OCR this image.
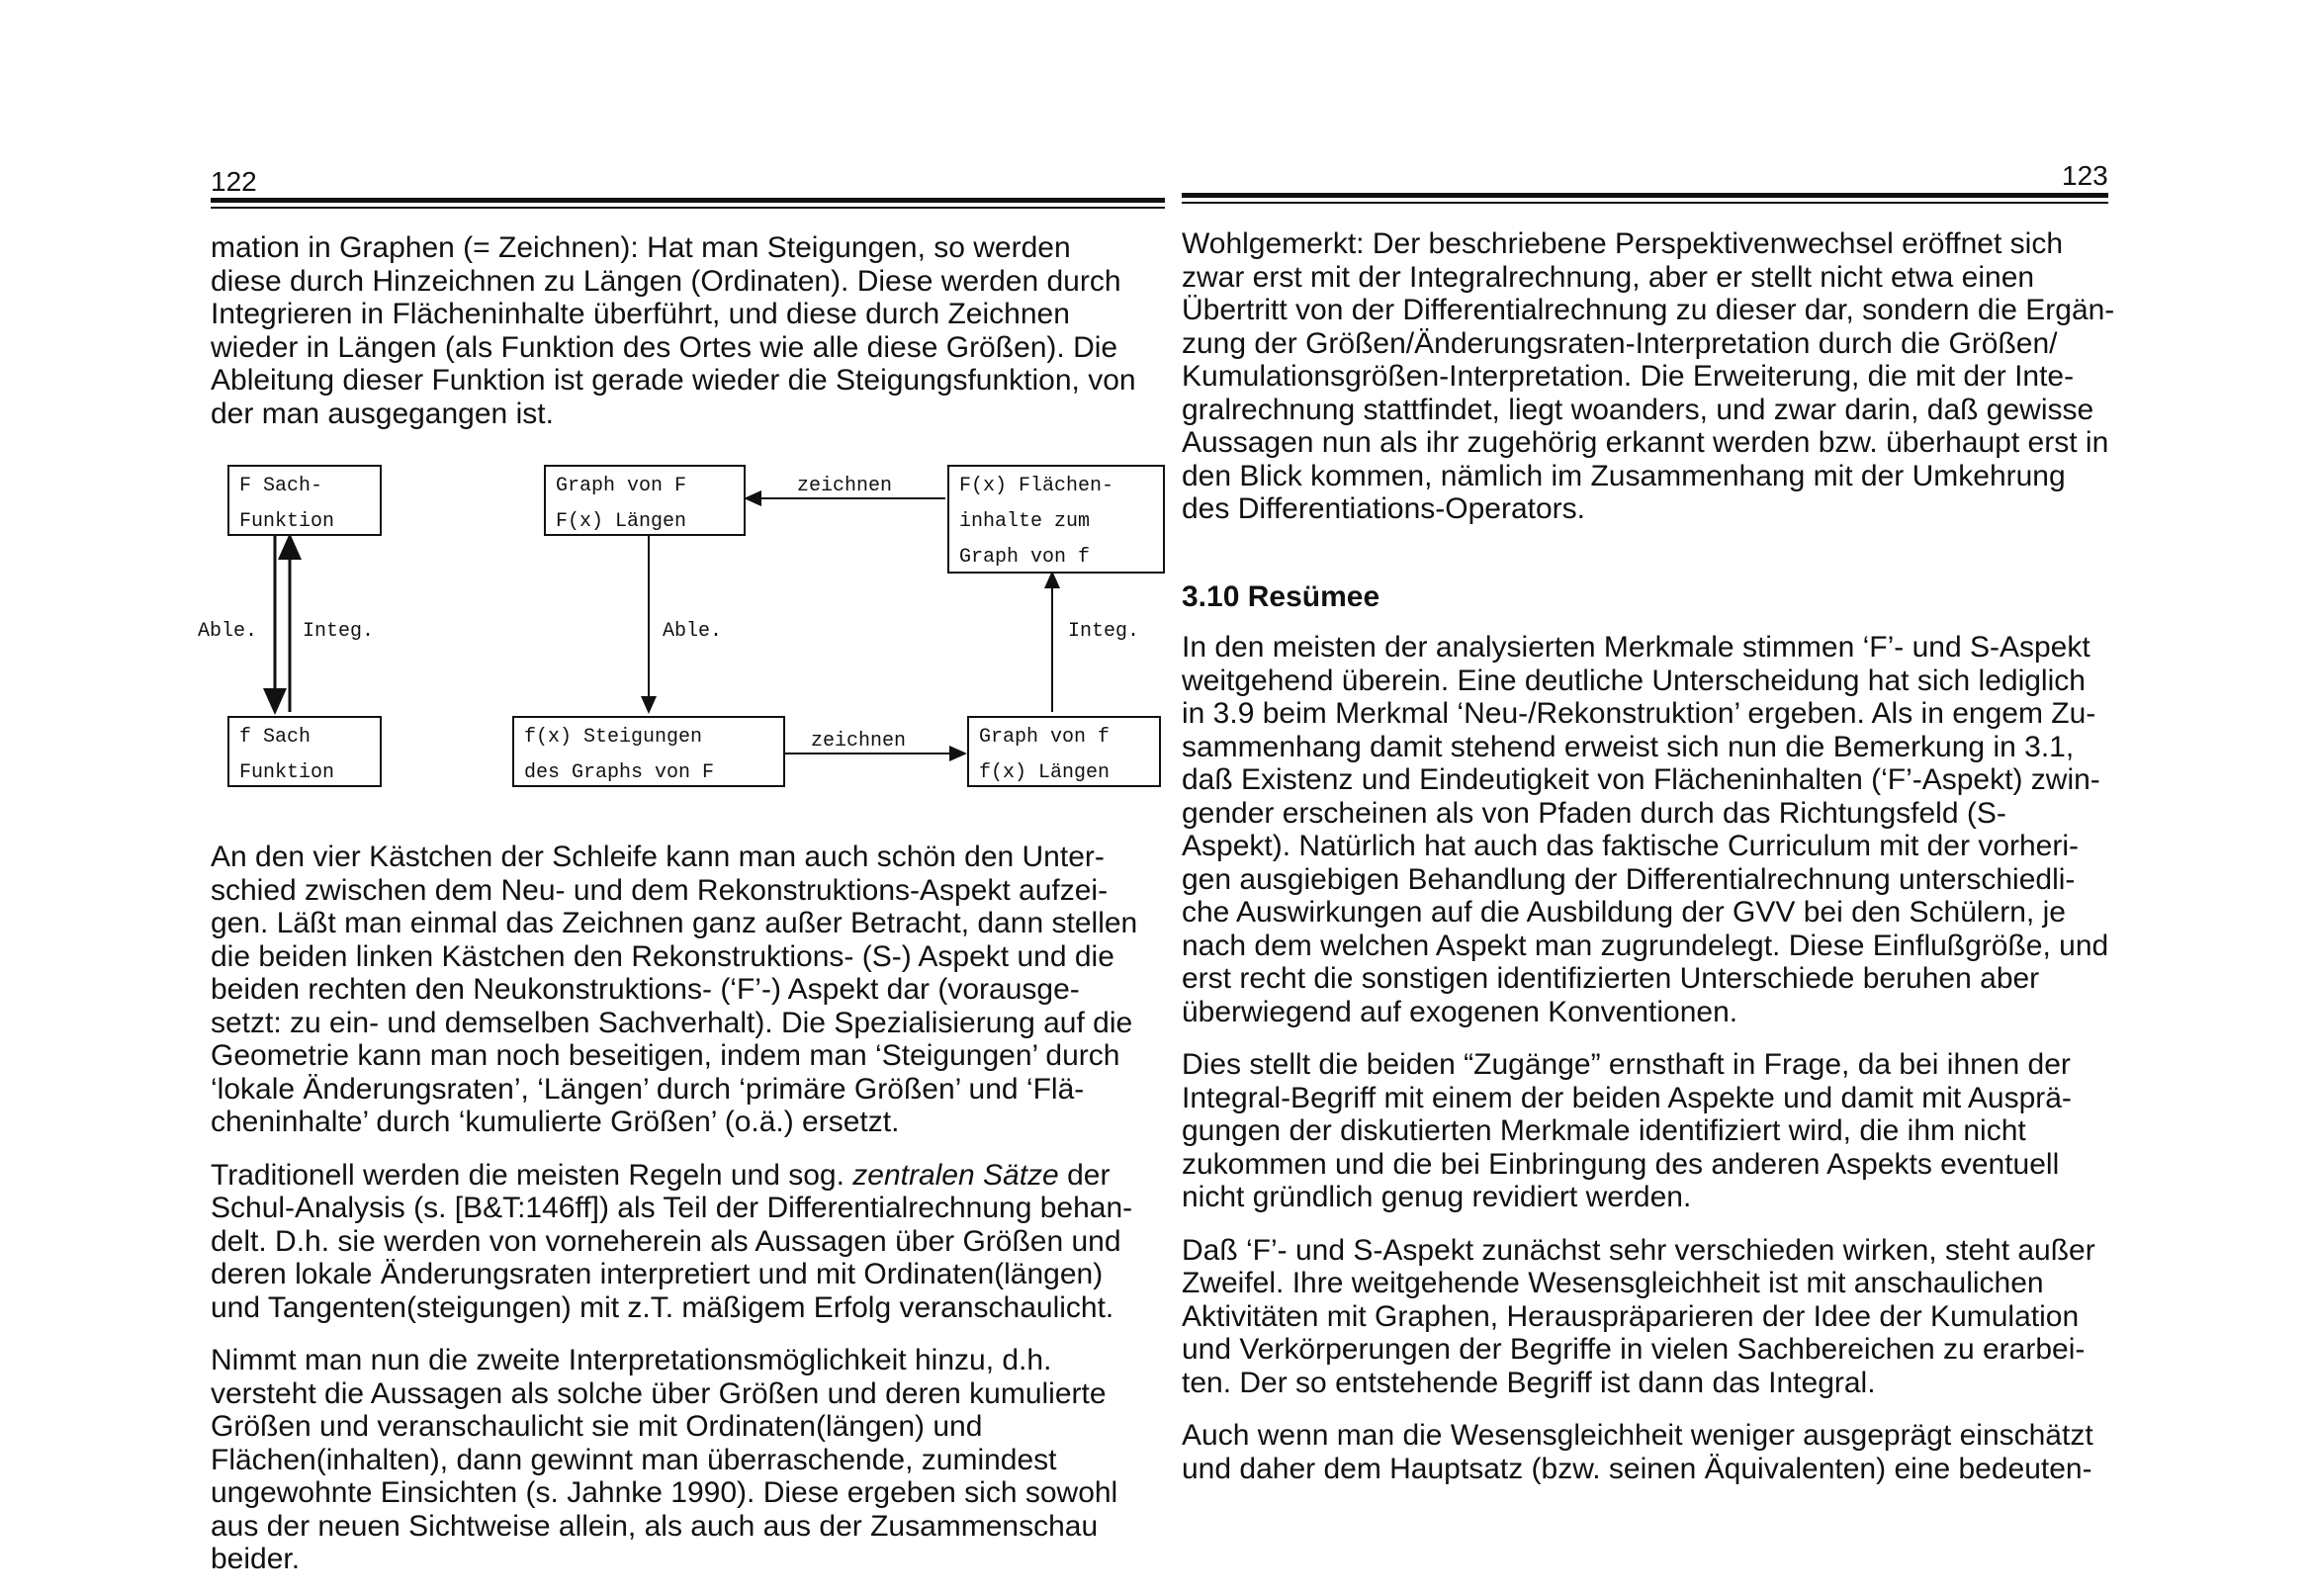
122	123

mation in Graphen (= Zeichnen): Hat man Steigungen, so werden
diese durch Hinzeichnen zu Längen (Ordinaten). Diese werden durch
Integrieren in Flächeninhalte überführt, und diese durch Zeichnen
wieder in Längen (als Funktion des Ortes wie alle diese Größen). Die
Ableitung dieser Funktion ist gerade wieder die Steigungsfunktion, von
der man ausgegangen ist.

F Sach-
Funktion
Graph von F
F(x) Längen
F(x) Flächen-
inhalte zum
Graph von f
f Sach
Funktion
f(x) Steigungen
des Graphs von F
Graph von f
f(x) Längen
zeichnen
zeichnen
Able. Integ.	Able.	Integ.

An den vier Kästchen der Schleife kann man auch schön den Unter-
schied zwischen dem Neu- und dem Rekonstruktions-Aspekt aufzei-
gen. Läßt man einmal das Zeichnen ganz außer Betracht, dann stellen
die beiden linken Kästchen den Rekonstruktions- (S-) Aspekt und die
beiden rechten den Neukonstruktions- (‘F’-) Aspekt dar (vorausge-
setzt: zu ein- und demselben Sachverhalt). Die Spezialisierung auf die
Geometrie kann man noch beseitigen, indem man ‘Steigungen’ durch
‘lokale Änderungsraten’, ‘Längen’ durch ‘primäre Größen’ und ‘Flä-
cheninhalte’ durch ‘kumulierte Größen’ (o.ä.) ersetzt.

Traditionell werden die meisten Regeln und sog. zentralen Sätze der
Schul-Analysis (s. [B&T:146ff]) als Teil der Differentialrechnung behan-
delt. D.h. sie werden von vorneherein als Aussagen über Größen und
deren lokale Änderungsraten interpretiert und mit Ordinaten(längen)
und Tangenten(steigungen) mit z.T. mäßigem Erfolg veranschaulicht.

Nimmt man nun die zweite Interpretationsmöglichkeit hinzu, d.h.
versteht die Aussagen als solche über Größen und deren kumulierte
Größen und veranschaulicht sie mit Ordinaten(längen) und
Flächen(inhalten), dann gewinnt man überraschende, zumindest
ungewohnte Einsichten (s. Jahnke 1990). Diese ergeben sich sowohl
aus der neuen Sichtweise allein, als auch aus der Zusammenschau
beider.

Wohlgemerkt: Der beschriebene Perspektivenwechsel eröffnet sich
zwar erst mit der Integralrechnung, aber er stellt nicht etwa einen
Übertritt von der Differentialrechnung zu dieser dar, sondern die Ergän-
zung der Größen/Änderungsraten-Interpretation durch die Größen/
Kumulationsgrößen-Interpretation. Die Erweiterung, die mit der Inte-
gralrechnung stattfindet, liegt woanders, und zwar darin, daß gewisse
Aussagen nun als ihr zugehörig erkannt werden bzw. überhaupt erst in
den Blick kommen, nämlich im Zusammenhang mit der Umkehrung
des Differentiations-Operators.

3.10 Resümee

In den meisten der analysierten Merkmale stimmen ‘F’- und S-Aspekt
weitgehend überein. Eine deutliche Unterscheidung hat sich lediglich
in 3.9 beim Merkmal ‘Neu-/Rekonstruktion’ ergeben. Als in engem Zu-
sammenhang damit stehend erweist sich nun die Bemerkung in 3.1,
daß Existenz und Eindeutigkeit von Flächeninhalten (‘F’-Aspekt) zwin-
gender erscheinen als von Pfaden durch das Richtungsfeld (S-
Aspekt). Natürlich hat auch das faktische Curriculum mit der vorheri-
gen ausgiebigen Behandlung der Differentialrechnung unterschiedli-
che Auswirkungen auf die Ausbildung der GVV bei den Schülern, je
nach dem welchen Aspekt man zugrundelegt. Diese Einflußgröße, und
erst recht die sonstigen identifizierten Unterschiede beruhen aber
überwiegend auf exogenen Konventionen.

Dies stellt die beiden “Zugänge” ernsthaft in Frage, da bei ihnen der
Integral-Begriff mit einem der beiden Aspekte und damit mit Ausprä-
gungen der diskutierten Merkmale identifiziert wird, die ihm nicht
zukommen und die bei Einbringung des anderen Aspekts eventuell
nicht gründlich genug revidiert werden.

Daß ‘F’- und S-Aspekt zunächst sehr verschieden wirken, steht außer
Zweifel. Ihre weitgehende Wesensgleichheit ist mit anschaulichen
Aktivitäten mit Graphen, Herauspräparieren der Idee der Kumulation
und Verkörperungen der Begriffe in vielen Sachbereichen zu erarbei-
ten. Der so entstehende Begriff ist dann das Integral.

Auch wenn man die Wesensgleichheit weniger ausgeprägt einschätzt
und daher dem Hauptsatz (bzw. seinen Äquivalenten) eine bedeuten-
